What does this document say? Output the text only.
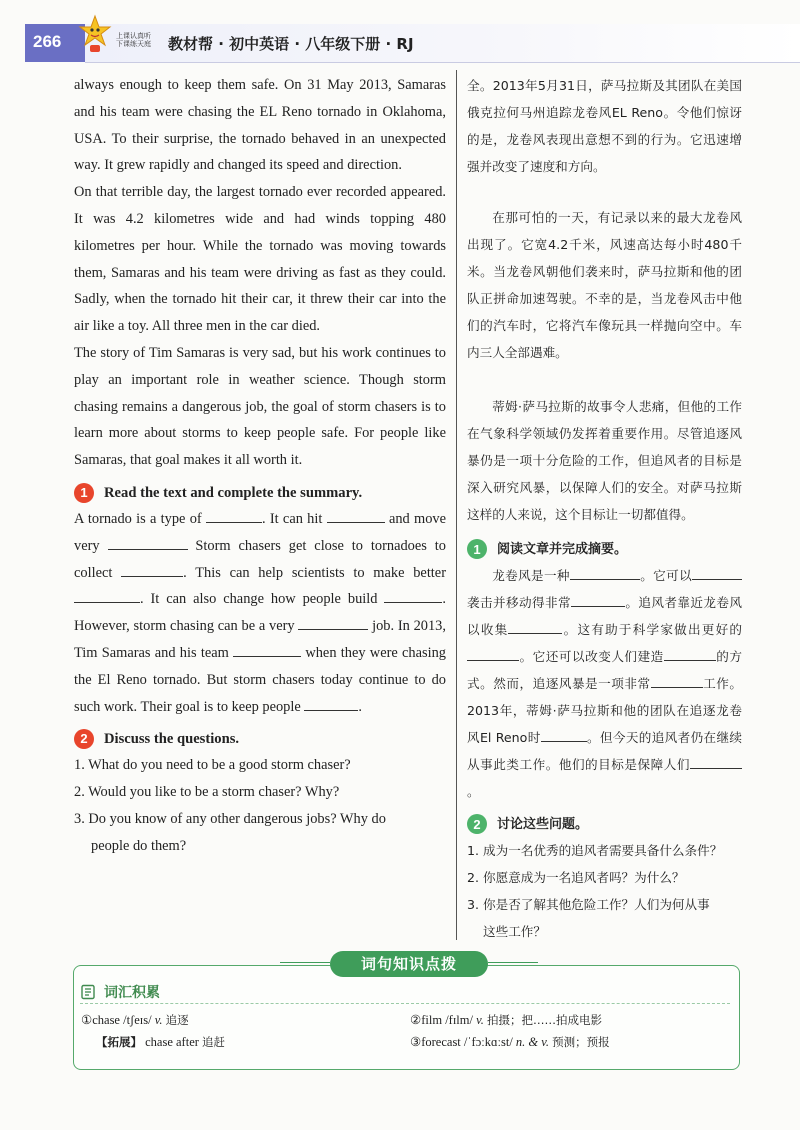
266	上课认真听
下课练天庭 教材帮 · 初中英语 · 八年级下册 · RJ

always enough to keep them safe. On 31 May 2013, Samaras and his team were chasing the EL Reno tornado in Oklahoma, USA. To their surprise, the tornado behaved in an unexpected way. It grew rapidly and changed its speed and direction.

On that terrible day, the largest tornado ever recorded appeared. It was 4.2 kilometres wide and had winds topping 480 kilometres per hour. While the tornado was moving towards them, Samaras and his team were driving as fast as they could. Sadly, when the tornado hit their car, it threw their car into the air like a toy. All three men in the car died.

The story of Tim Samaras is very sad, but his work continues to play an important role in weather science. Though storm chasing remains a dangerous job, the goal of storm chasers is to learn more about storms to keep people safe. For people like Samaras, that goal makes it all worth it.

1	Read the text and complete the summary.

A tornado is a type of	. It can hit	and move very	Storm chasers get close to tornadoes to collect	. This can help scientists to make better . It can also change how people build	. However, storm chasing can be a very	job. In 2013, Tim Samaras and his team	when they were chasing the El Reno tornado. But storm chasers today continue to do such work. Their goal is to keep people	.

2	Discuss the questions.

1. What do you need to be a good storm chaser?

2. Would you like to be a storm chaser? Why?

3. Do you know of any other dangerous jobs? Why do

people do them?

全。2013年5月31日，萨马拉斯及其团队在美国俄克拉何马州追踪龙卷风EL Reno。令他们惊讶的是，龙卷风表现出意想不到的行为。它迅速增强并改变了速度和方向。

在那可怕的一天，有记录以来的最大龙卷风出现了。它宽4.2千米，风速高达每小时480千米。当龙卷风朝他们袭来时，萨马拉斯和他的团队正拼命加速驾驶。不幸的是，当龙卷风击中他们的汽车时，它将汽车像玩具一样抛向空中。车内三人全部遇难。

蒂姆·萨马拉斯的故事令人悲痛，但他的工作在气象科学领域仍发挥着重要作用。尽管追逐风暴仍是一项十分危险的工作，但追风者的目标是深入研究风暴，以保障人们的安全。对萨马拉斯这样的人来说，这个目标让一切都值得。

1	阅读文章并完成摘要。

龙卷风是一种	。它可以袭击并移动得非常	。追风者靠近龙卷风以收集	。这有助于科学家做出更好的。它还可以改变人们建造	的方式。然而，追逐风暴是一项非常	工作。2013年，蒂姆·萨马拉斯和他的团队在追逐龙卷风El Reno时	。但今天的追风者仍在继续从事此类工作。他们的目标是保障人们。

2	讨论这些问题。

1. 成为一名优秀的追风者需要具备什么条件？

2. 你愿意成为一名追风者吗？为什么？

3. 你是否了解其他危险工作？人们为何从事

这些工作？

词句知识点拨
词汇积累
①chase /tʃeɪs/ v. 追逐
【拓展】 chase after 追赶
②film /fɪlm/ v. 拍摄；把……拍成电影
③forecast /ˈfɔːkɑːst/ n. & v. 预测；预报
